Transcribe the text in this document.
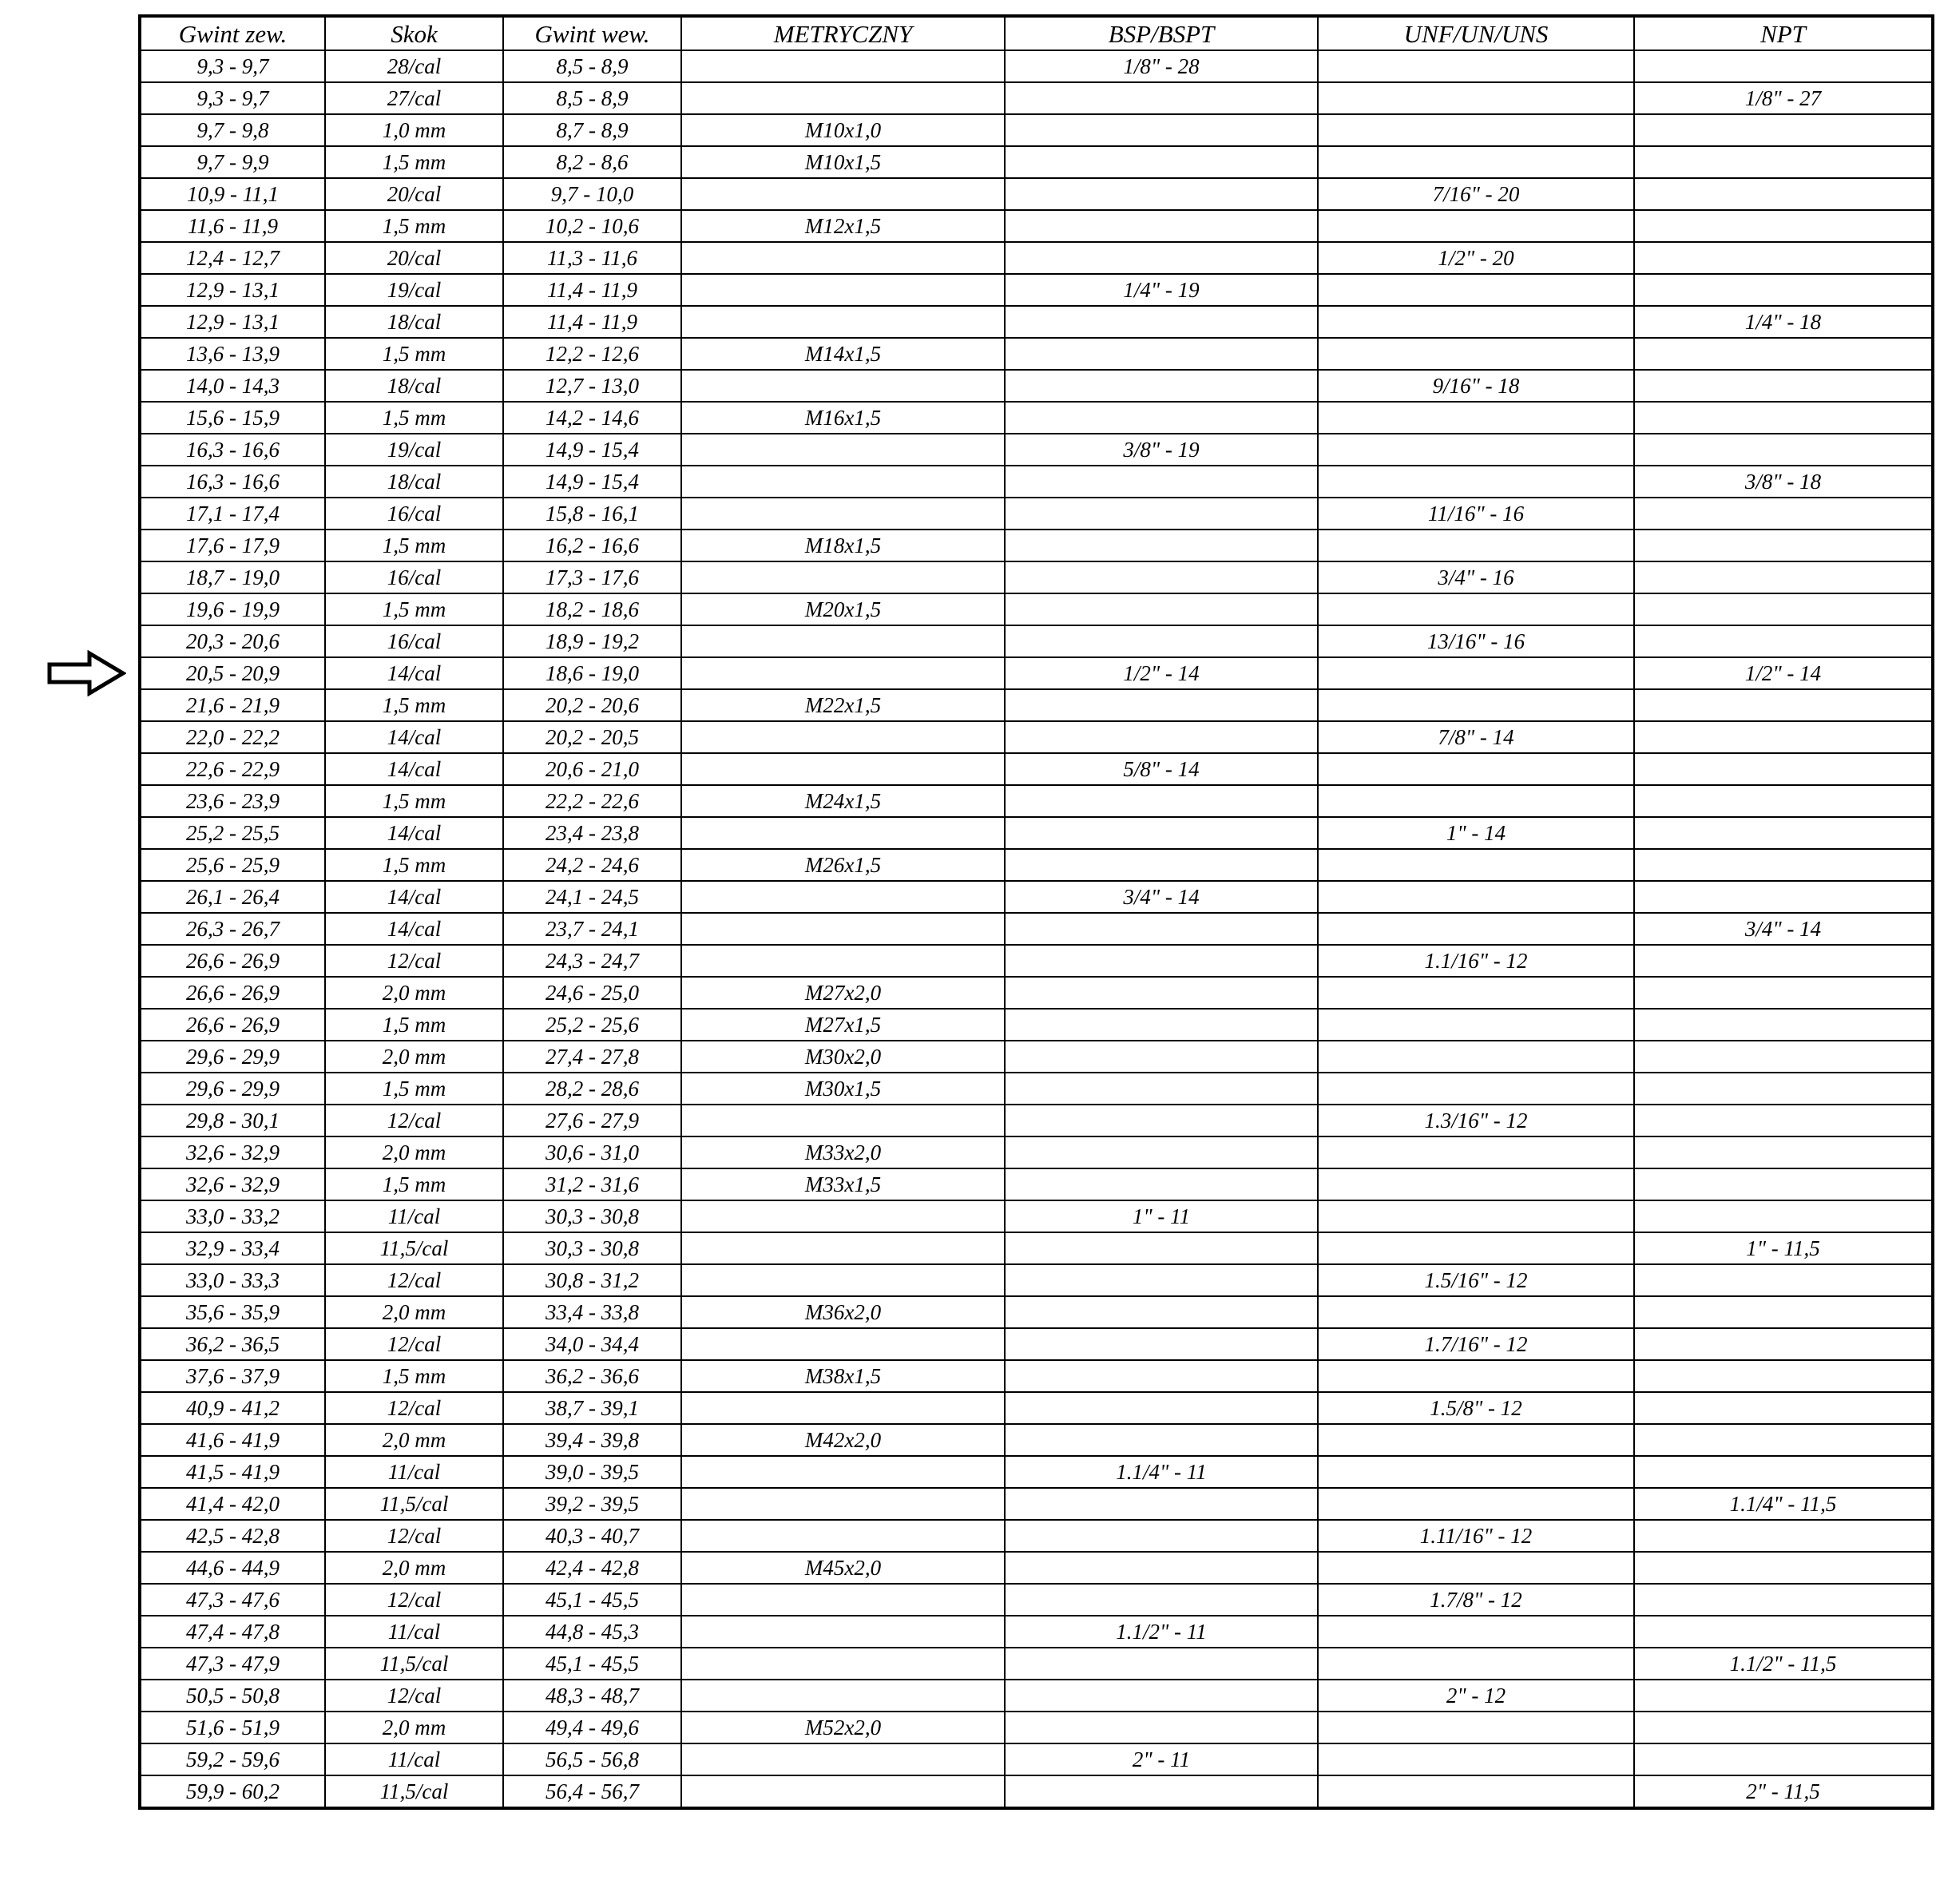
Gwint zew.	Skok	Gwint wew.	METRYCZNY	BSP/BSPT	UNF/UN/UNS	NPT
9,3 - 9,7	28/cal	8,5 - 8,9		1/8" - 28		
9,3 - 9,7	27/cal	8,5 - 8,9				1/8" - 27
9,7 - 9,8	1,0 mm	8,7 - 8,9	M10x1,0			
9,7 - 9,9	1,5 mm	8,2 - 8,6	M10x1,5			
10,9 - 11,1	20/cal	9,7 - 10,0			7/16" - 20	
11,6 - 11,9	1,5 mm	10,2 - 10,6	M12x1,5			
12,4 - 12,7	20/cal	11,3 - 11,6			1/2" - 20	
12,9 - 13,1	19/cal	11,4 - 11,9		1/4" - 19		
12,9 - 13,1	18/cal	11,4 - 11,9				1/4" - 18
13,6 - 13,9	1,5 mm	12,2 - 12,6	M14x1,5			
14,0 - 14,3	18/cal	12,7 - 13,0			9/16" - 18	
15,6 - 15,9	1,5 mm	14,2 - 14,6	M16x1,5			
16,3 - 16,6	19/cal	14,9 - 15,4		3/8" - 19		
16,3 - 16,6	18/cal	14,9 - 15,4				3/8" - 18
17,1 - 17,4	16/cal	15,8 - 16,1			11/16" - 16	
17,6 - 17,9	1,5 mm	16,2 - 16,6	M18x1,5			
18,7 - 19,0	16/cal	17,3 - 17,6			3/4" - 16	
19,6 - 19,9	1,5 mm	18,2 - 18,6	M20x1,5			
20,3 - 20,6	16/cal	18,9 - 19,2			13/16" - 16	
20,5 - 20,9	14/cal	18,6 - 19,0		1/2" - 14		1/2" - 14
21,6 - 21,9	1,5 mm	20,2 - 20,6	M22x1,5			
22,0 - 22,2	14/cal	20,2 - 20,5			7/8" - 14	
22,6 - 22,9	14/cal	20,6 - 21,0		5/8" - 14		
23,6 - 23,9	1,5 mm	22,2 - 22,6	M24x1,5			
25,2 - 25,5	14/cal	23,4 - 23,8			1" - 14	
25,6 - 25,9	1,5 mm	24,2 - 24,6	M26x1,5			
26,1 - 26,4	14/cal	24,1 - 24,5		3/4" - 14		
26,3 - 26,7	14/cal	23,7 - 24,1				3/4" - 14
26,6 - 26,9	12/cal	24,3 - 24,7			1.1/16" - 12	
26,6 - 26,9	2,0 mm	24,6 - 25,0	M27x2,0			
26,6 - 26,9	1,5 mm	25,2 - 25,6	M27x1,5			
29,6 - 29,9	2,0 mm	27,4 - 27,8	M30x2,0			
29,6 - 29,9	1,5 mm	28,2 - 28,6	M30x1,5			
29,8 - 30,1	12/cal	27,6 - 27,9			1.3/16" - 12	
32,6 - 32,9	2,0 mm	30,6 - 31,0	M33x2,0			
32,6 - 32,9	1,5 mm	31,2 - 31,6	M33x1,5			
33,0 - 33,2	11/cal	30,3 - 30,8		1" - 11		
32,9 - 33,4	11,5/cal	30,3 - 30,8				1" - 11,5
33,0 - 33,3	12/cal	30,8 - 31,2			1.5/16" - 12	
35,6 - 35,9	2,0 mm	33,4 - 33,8	M36x2,0			
36,2 - 36,5	12/cal	34,0 - 34,4			1.7/16" - 12	
37,6 - 37,9	1,5 mm	36,2 - 36,6	M38x1,5			
40,9 - 41,2	12/cal	38,7 - 39,1			1.5/8" - 12	
41,6 - 41,9	2,0 mm	39,4 - 39,8	M42x2,0			
41,5 - 41,9	11/cal	39,0 - 39,5		1.1/4" - 11		
41,4 - 42,0	11,5/cal	39,2 - 39,5				1.1/4" - 11,5
42,5 - 42,8	12/cal	40,3 - 40,7			1.11/16" - 12	
44,6 - 44,9	2,0 mm	42,4 - 42,8	M45x2,0			
47,3 - 47,6	12/cal	45,1 - 45,5			1.7/8" - 12	
47,4 - 47,8	11/cal	44,8 - 45,3		1.1/2" - 11		
47,3 - 47,9	11,5/cal	45,1 - 45,5				1.1/2" - 11,5
50,5 - 50,8	12/cal	48,3 - 48,7			2" - 12	
51,6 - 51,9	2,0 mm	49,4 - 49,6	M52x2,0			
59,2 - 59,6	11/cal	56,5 - 56,8		2" - 11		
59,9 - 60,2	11,5/cal	56,4 - 56,7				2" - 11,5
